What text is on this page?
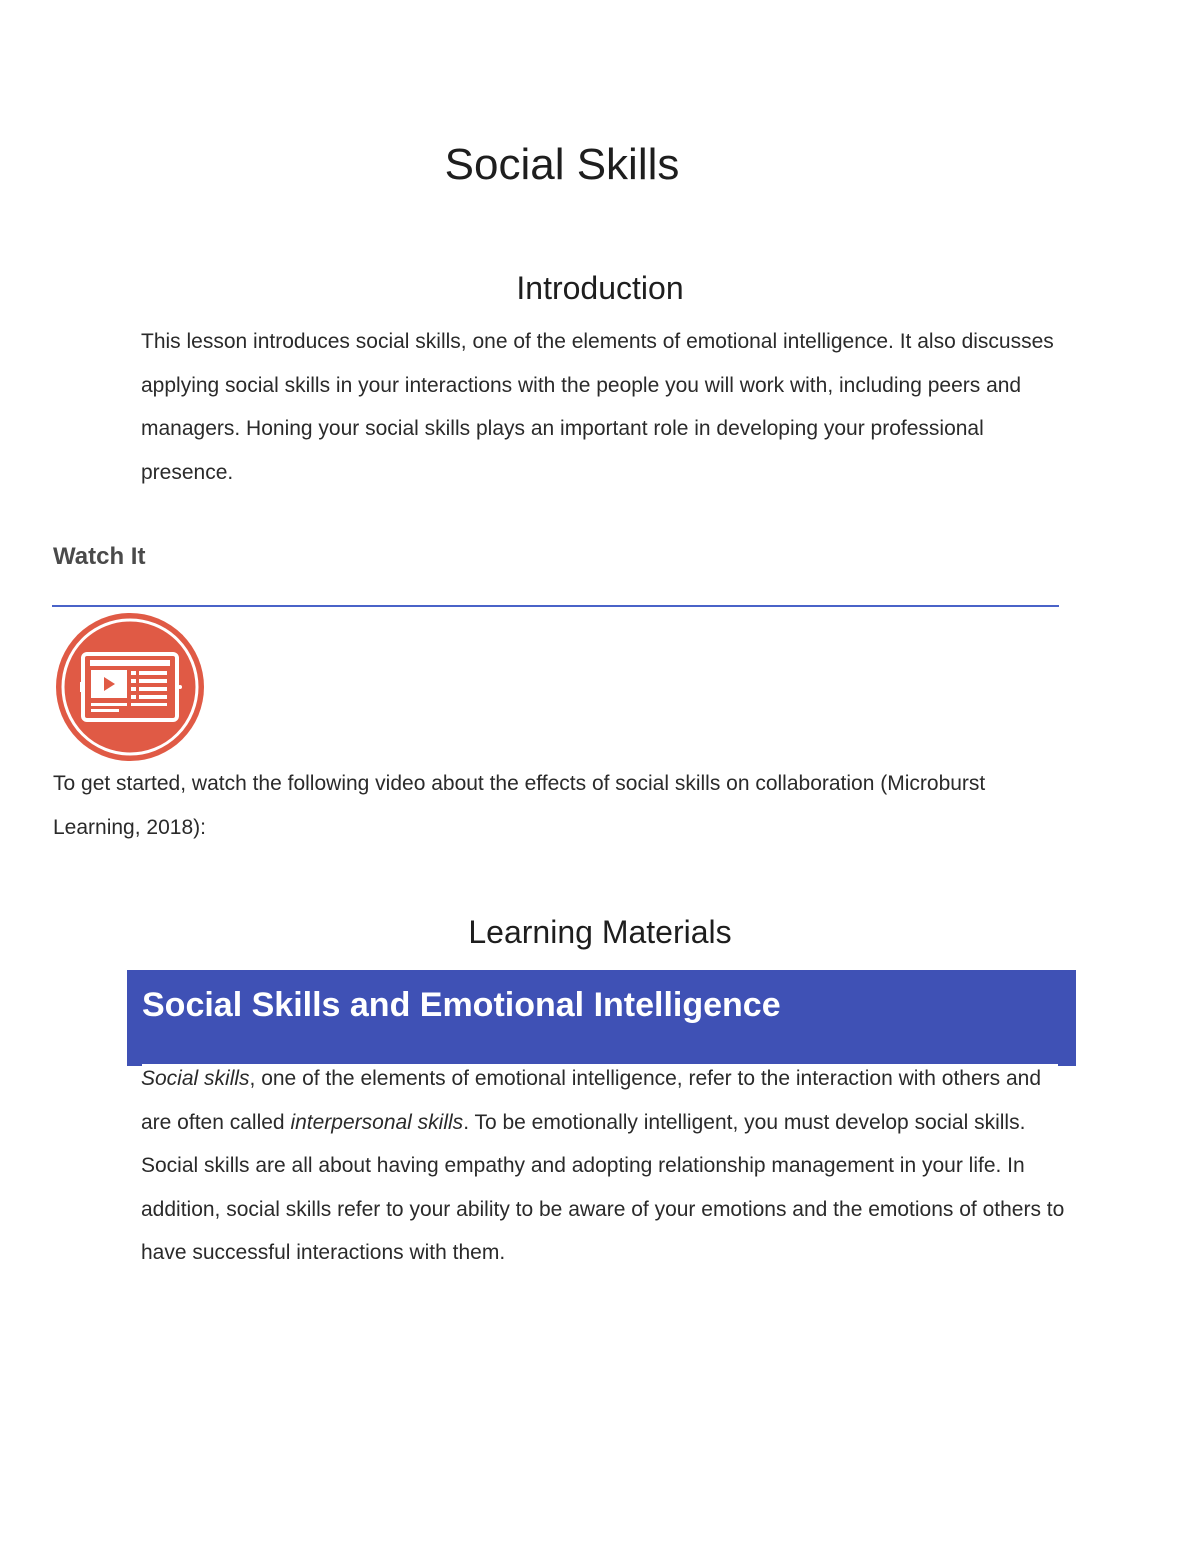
Social Skills
Introduction

This lesson introduces social skills, one of the elements of emotional intelligence. It also discusses applying social skills in your interactions with the people you will work with, including peers and managers. Honing your social skills plays an important role in developing your professional presence.

Watch It

To get started, watch the following video about the effects of social skills on collaboration (Microburst Learning, 2018):

Learning Materials
Social Skills and Emotional Intelligence

Social skills, one of the elements of emotional intelligence, refer to the interaction with others and are often called interpersonal skills. To be emotionally intelligent, you must develop social skills. Social skills are all about having empathy and adopting relationship management in your life. In addition, social skills refer to your ability to be aware of your emotions and the emotions of others to have successful interactions with them.
